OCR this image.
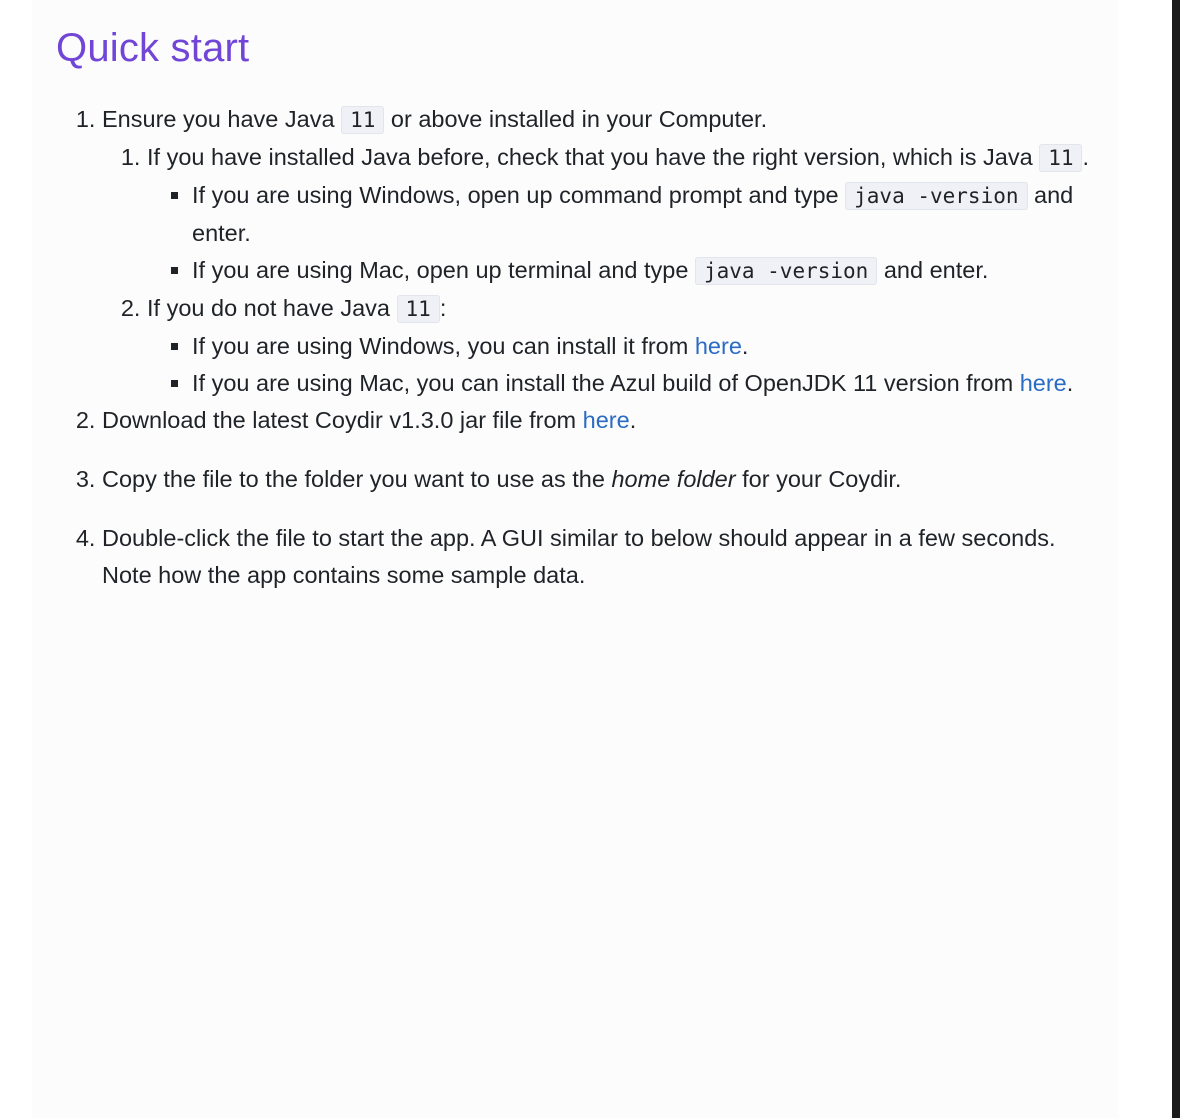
Quick start
1. Ensure you have Java 11 or above installed in your Computer.
1. If you have installed Java before, check that you have the right version, which is Java 11 .
▪ If you are using Windows, open up command prompt and type java -version and enter.
▪ If you are using Mac, open up terminal and type java -version and enter.
2. If you do not have Java 11 :
▪ If you are using Windows, you can install it from here.
▪ If you are using Mac, you can install the Azul build of OpenJDK 11 version from here.
2. Download the latest Coydir v1.3.0 jar file from here.
3. Copy the file to the folder you want to use as the home folder for your Coydir.
4. Double-click the file to start the app. A GUI similar to below should appear in a few seconds. Note how the app contains some sample data.
